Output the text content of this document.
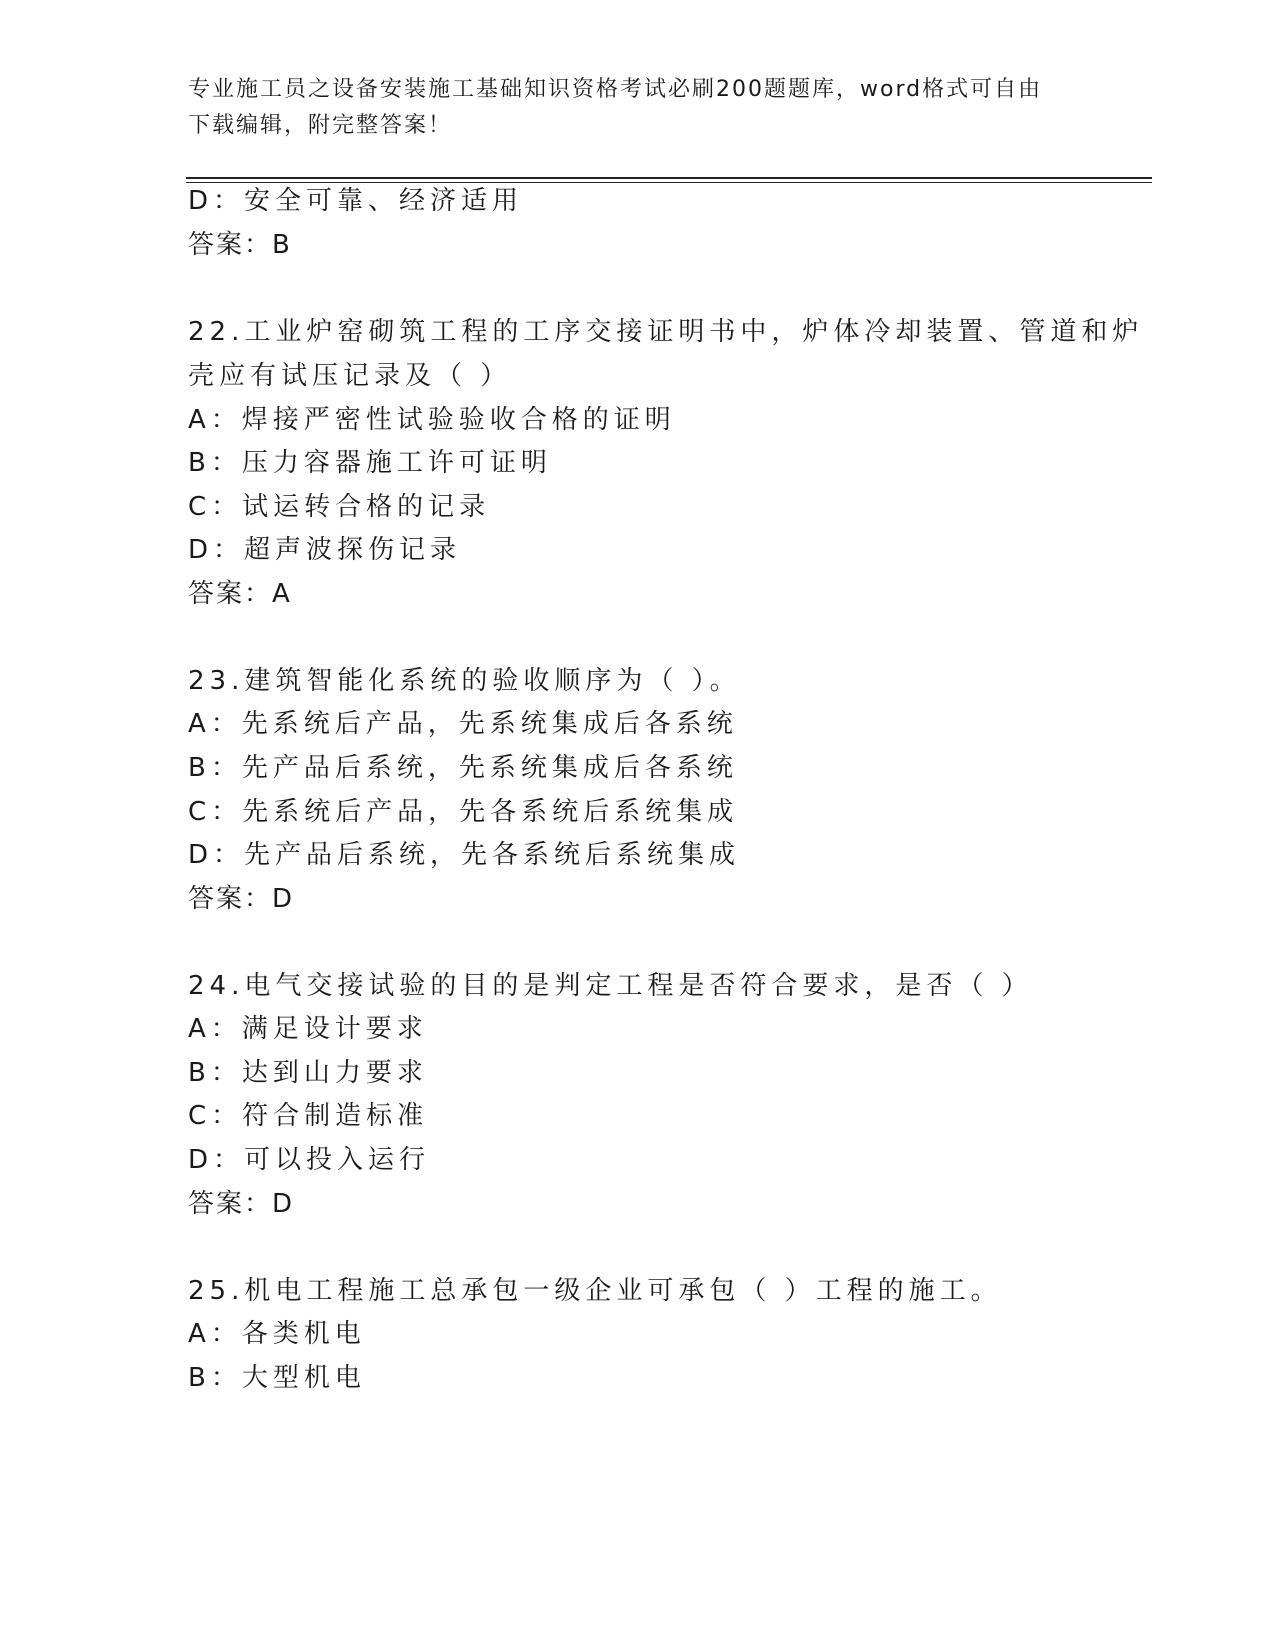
专业施工员之设备安装施工基础知识资格考试必刷200题题库，word格式可自由
下载编辑，附完整答案！
D：安全可靠、经济适用
答案：B
22.工业炉窑砌筑工程的工序交接证明书中，炉体冷却装置、管道和炉
壳应有试压记录及（ ）
A：焊接严密性试验验收合格的证明
B：压力容器施工许可证明
C：试运转合格的记录
D：超声波探伤记录
答案：A
23.建筑智能化系统的验收顺序为（ ）。
A：先系统后产品，先系统集成后各系统
B：先产品后系统，先系统集成后各系统
C：先系统后产品，先各系统后系统集成
D：先产品后系统，先各系统后系统集成
答案：D
24.电气交接试验的目的是判定工程是否符合要求，是否（ ）
A：满足设计要求
B：达到山力要求
C：符合制造标准
D：可以投入运行
答案：D
25.机电工程施工总承包一级企业可承包（ ）工程的施工。
A：各类机电
B：大型机电
